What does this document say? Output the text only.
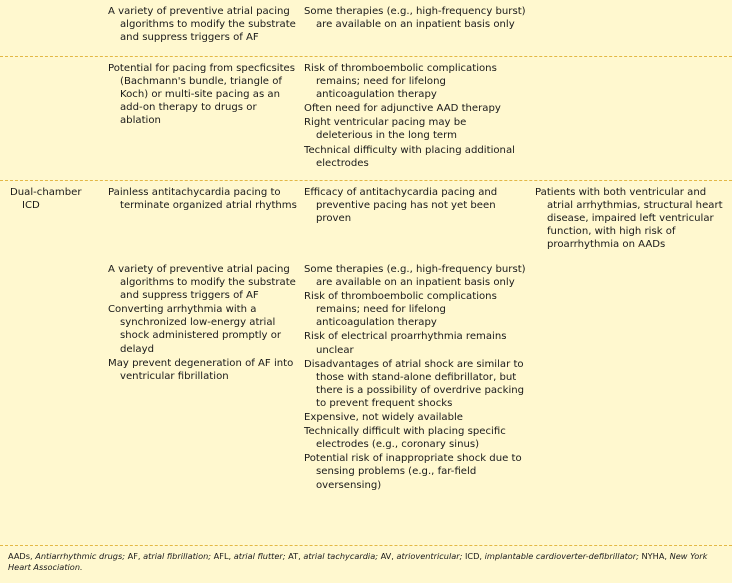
A variety of preventive atrial pacing algorithms to modify the substrate and suppress triggers of AF
Some therapies (e.g., high-frequency burst) are available on an inpatient basis only
Potential for pacing from specficsites (Bachmann's bundle, triangle of Koch) or multi-site pacing as an add-on therapy to drugs or ablation
Risk of thromboembolic complications remains; need for lifelong anticoagulation therapy
Often need for adjunctive AAD therapy
Right ventricular pacing may be deleterious in the long term
Technical difficulty with placing additional electrodes
Dual-chamber ICD
Painless antitachycardia pacing to terminate organized atrial rhythms
Efficacy of antitachycardia pacing and preventive pacing has not yet been proven
Patients with both ventricular and atrial arrhythmias, structural heart disease, impaired left ventricular function, with high risk of proarrhythmia on AADs
A variety of preventive atrial pacing algorithms to modify the substrate and suppress triggers of AF
Converting arrhythmia with a synchronized low-energy atrial shock administered promptly or delayd
May prevent degeneration of AF into ventricular fibrillation
Some therapies (e.g., high-frequency burst) are available on an inpatient basis only
Risk of thromboembolic complications remains; need for lifelong anticoagulation therapy
Risk of electrical proarrhythmia remains unclear
Disadvantages of atrial shock are similar to those with stand-alone defibrillator, but there is a possibility of overdrive packing to prevent frequent shocks
Expensive, not widely available
Technically difficult with placing specific electrodes (e.g., coronary sinus)
Potential risk of inappropriate shock due to sensing problems (e.g., far-field oversensing)
AADs, Antiarrhythmic drugs; AF, atrial fibrillation; AFL, atrial flutter; AT, atrial tachycardia; AV, atrioventricular; ICD, implantable cardioverter-defibrillator; NYHA, New York Heart Association.
